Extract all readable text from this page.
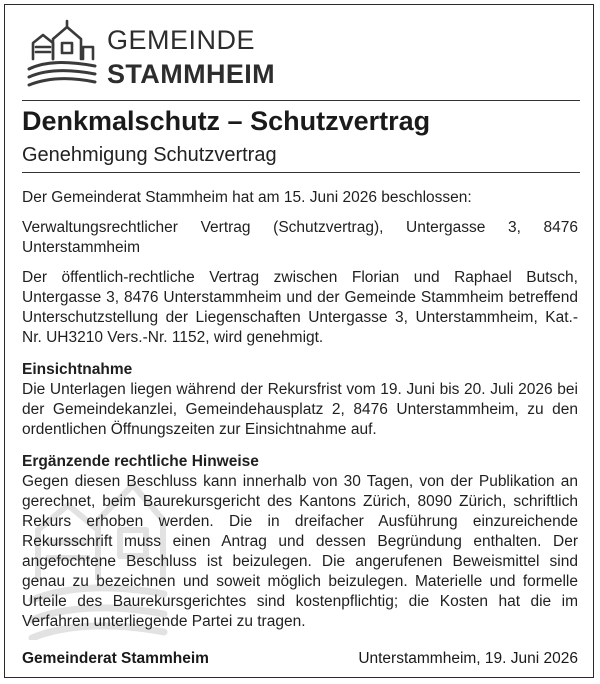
GEMEINDE
STAMMHEIM
Denkmalschutz – Schutzvertrag
Genehmigung Schutzvertrag

Der Gemeinderat Stammheim hat am 15. Juni 2026 beschlossen:

Verwaltungsrechtlicher Vertrag (Schutzvertrag), Untergasse 3, 8476 Unterstammheim

Der öffentlich-rechtliche Vertrag zwischen Florian und Raphael Butsch, Untergasse 3, 8476 Unterstammheim und der Gemeinde Stammheim betreffend Unterschutzstellung der Liegenschaften Untergasse 3, Unterstammheim, Kat.-Nr. UH3210 Vers.-Nr. 1152, wird genehmigt.

Einsichtnahme

Die Unterlagen liegen während der Rekursfrist vom 19. Juni bis 20. Juli 2026 bei der Gemeindekanzlei, Gemeindehausplatz 2, 8476 Unterstammheim, zu den ordentlichen Öffnungszeiten zur Einsichtnahme auf.

Ergänzende rechtliche Hinweise

Gegen diesen Beschluss kann innerhalb von 30 Tagen, von der Publikation an gerechnet, beim Baurekursgericht des Kantons Zürich, 8090 Zürich, schriftlich Rekurs erhoben werden. Die in dreifacher Ausführung einzureichende Rekursschrift muss einen Antrag und dessen Begründung enthalten. Der angefochtene Beschluss ist beizulegen. Die angerufenen Beweismittel sind genau zu bezeichnen und soweit möglich beizulegen. Materielle und formelle Urteile des Baurekursgerichtes sind kostenpflichtig; die Kosten hat die im Verfahren unterliegende Partei zu tragen.

Gemeinderat Stammheim	Unterstammheim, 19. Juni 2026
